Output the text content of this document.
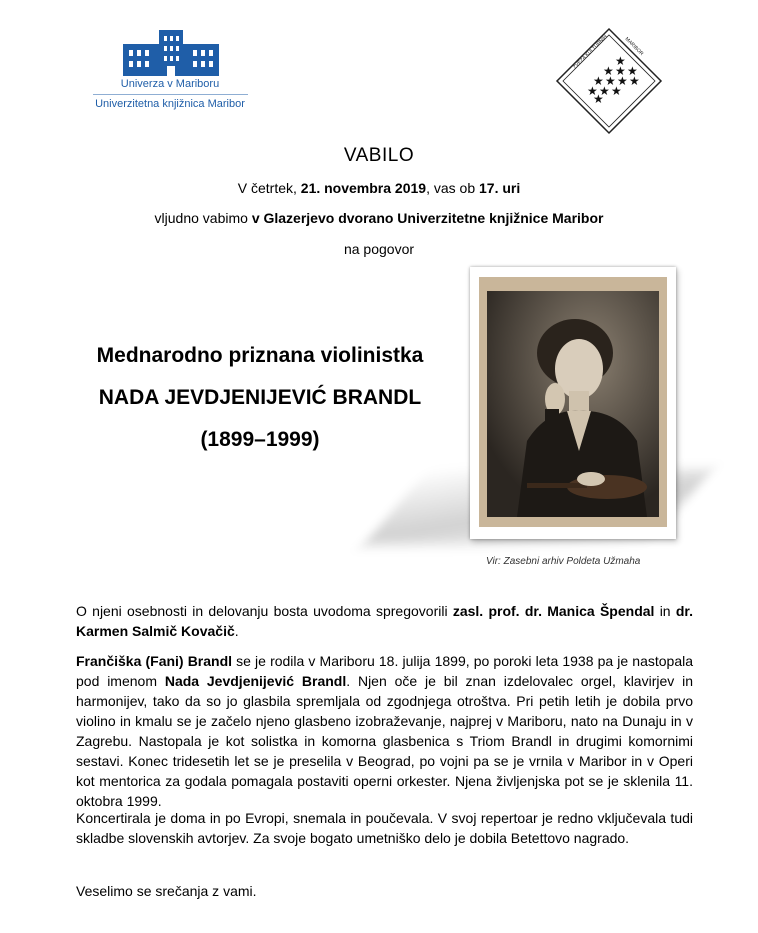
Univerza v Mariboru
Univerzitetna knjižnica Maribor
ZVEZA KULTURNIH	MARIBOR
★
★ ★ ★
★ ★ ★ ★
★ ★ ★
★
VABILO
V četrtek, 21. novembra 2019, vas ob 17. uri
vljudno vabimo v Glazerjevo dvorano Univerzitetne knjižnice Maribor
na pogovor
Mednarodno priznana violinistka
NADA JEVDJENIJEVIĆ BRANDL
(1899–1999)
Vir: Zasebni arhiv Poldeta Užmaha
O njeni osebnosti in delovanju bosta uvodoma spregovorili zasl. prof. dr. Manica Špendal in dr. Karmen Salmič Kovačič.
Frančiška (Fani) Brandl se je rodila v Mariboru 18. julija 1899, po poroki leta 1938 pa je nastopala pod imenom Nada Jevdjenijević Brandl. Njen oče je bil znan izdelovalec orgel, klavirjev in harmonijev, tako da so jo glasbila spremljala od zgodnjega otroštva. Pri petih letih je dobila prvo violino in kmalu se je začelo njeno glasbeno izobraževanje, najprej v Mariboru, nato na Dunaju in v Zagrebu. Nastopala je kot solistka in komorna glasbenica s Triom Brandl in drugimi komornimi sestavi. Konec tridesetih let se je preselila v Beograd, po vojni pa se je vrnila v Maribor in v Operi kot mentorica za godala pomagala postaviti operni orkester. Njena življenjska pot se je sklenila 11. oktobra 1999.
Koncertirala je doma in po Evropi, snemala in poučevala. V svoj repertoar je redno vključevala tudi skladbe slovenskih avtorjev. Za svoje bogato umetniško delo je dobila Betettovo nagrado.
Veselimo se srečanja z vami.
